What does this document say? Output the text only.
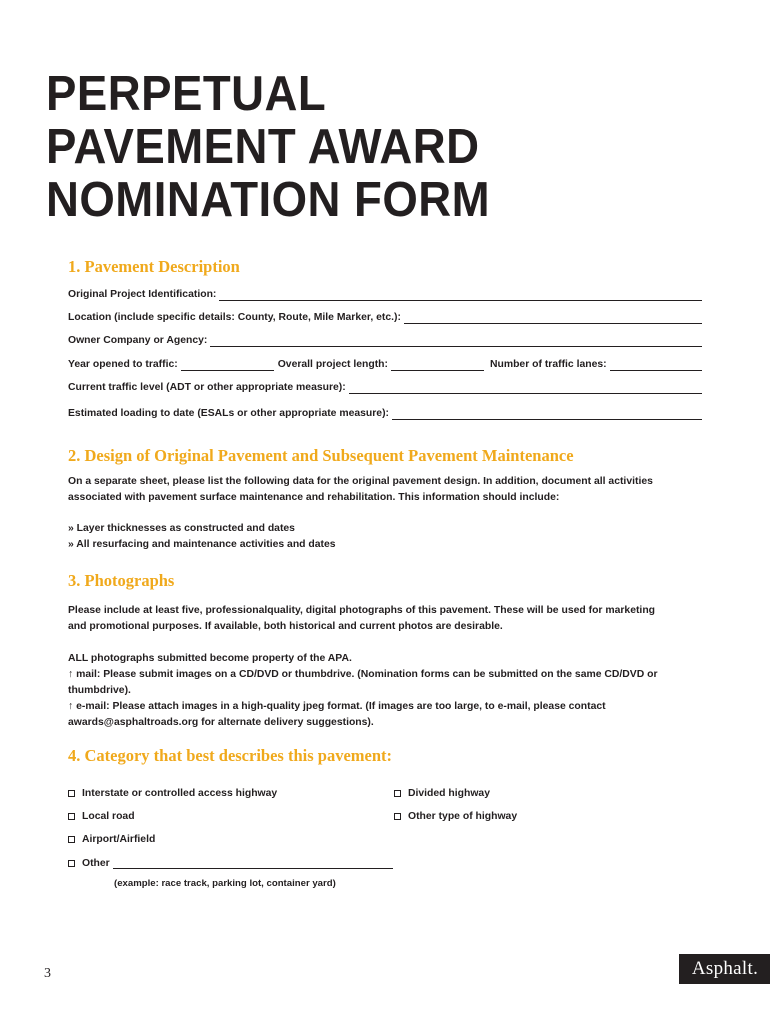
PERPETUAL
PAVEMENT AWARD
NOMINATION FORM
1. Pavement Description
Original Project Identification:
Location (include specific details: County, Route, Mile Marker, etc.):
Owner Company or Agency:
Year opened to traffic:	Overall project length:	Number of traffic lanes:
Current traffic level (ADT or other appropriate measure):
Estimated loading to date (ESALs or other appropriate measure):
2. Design of Original Pavement and Subsequent Pavement Maintenance
On a separate sheet, please list the following data for the original pavement design. In addition, document all activities
associated with pavement surface maintenance and rehabilitation. This information should include:
» Layer thicknesses as constructed and dates
» All resurfacing and maintenance activities and dates
3. Photographs
Please include at least five, professionalquality, digital photographs of this pavement. These will be used for marketing
and promotional purposes. If available, both historical and current photos are desirable.
ALL photographs submitted become property of the APA.
↑ mail: Please submit images on a CD/DVD or thumbdrive. (Nomination forms can be submitted on the same CD/DVD or
thumbdrive).
↑ e-mail: Please attach images in a high-quality jpeg format. (If images are too large, to e-mail, please contact
awards@asphaltroads.org for alternate delivery suggestions).
4. Category that best describes this pavement:
Interstate or controlled access highway	Divided highway
Local road	Other type of highway
Airport/Airfield
Other
(example: race track, parking lot, container yard)
3	Asphalt.
